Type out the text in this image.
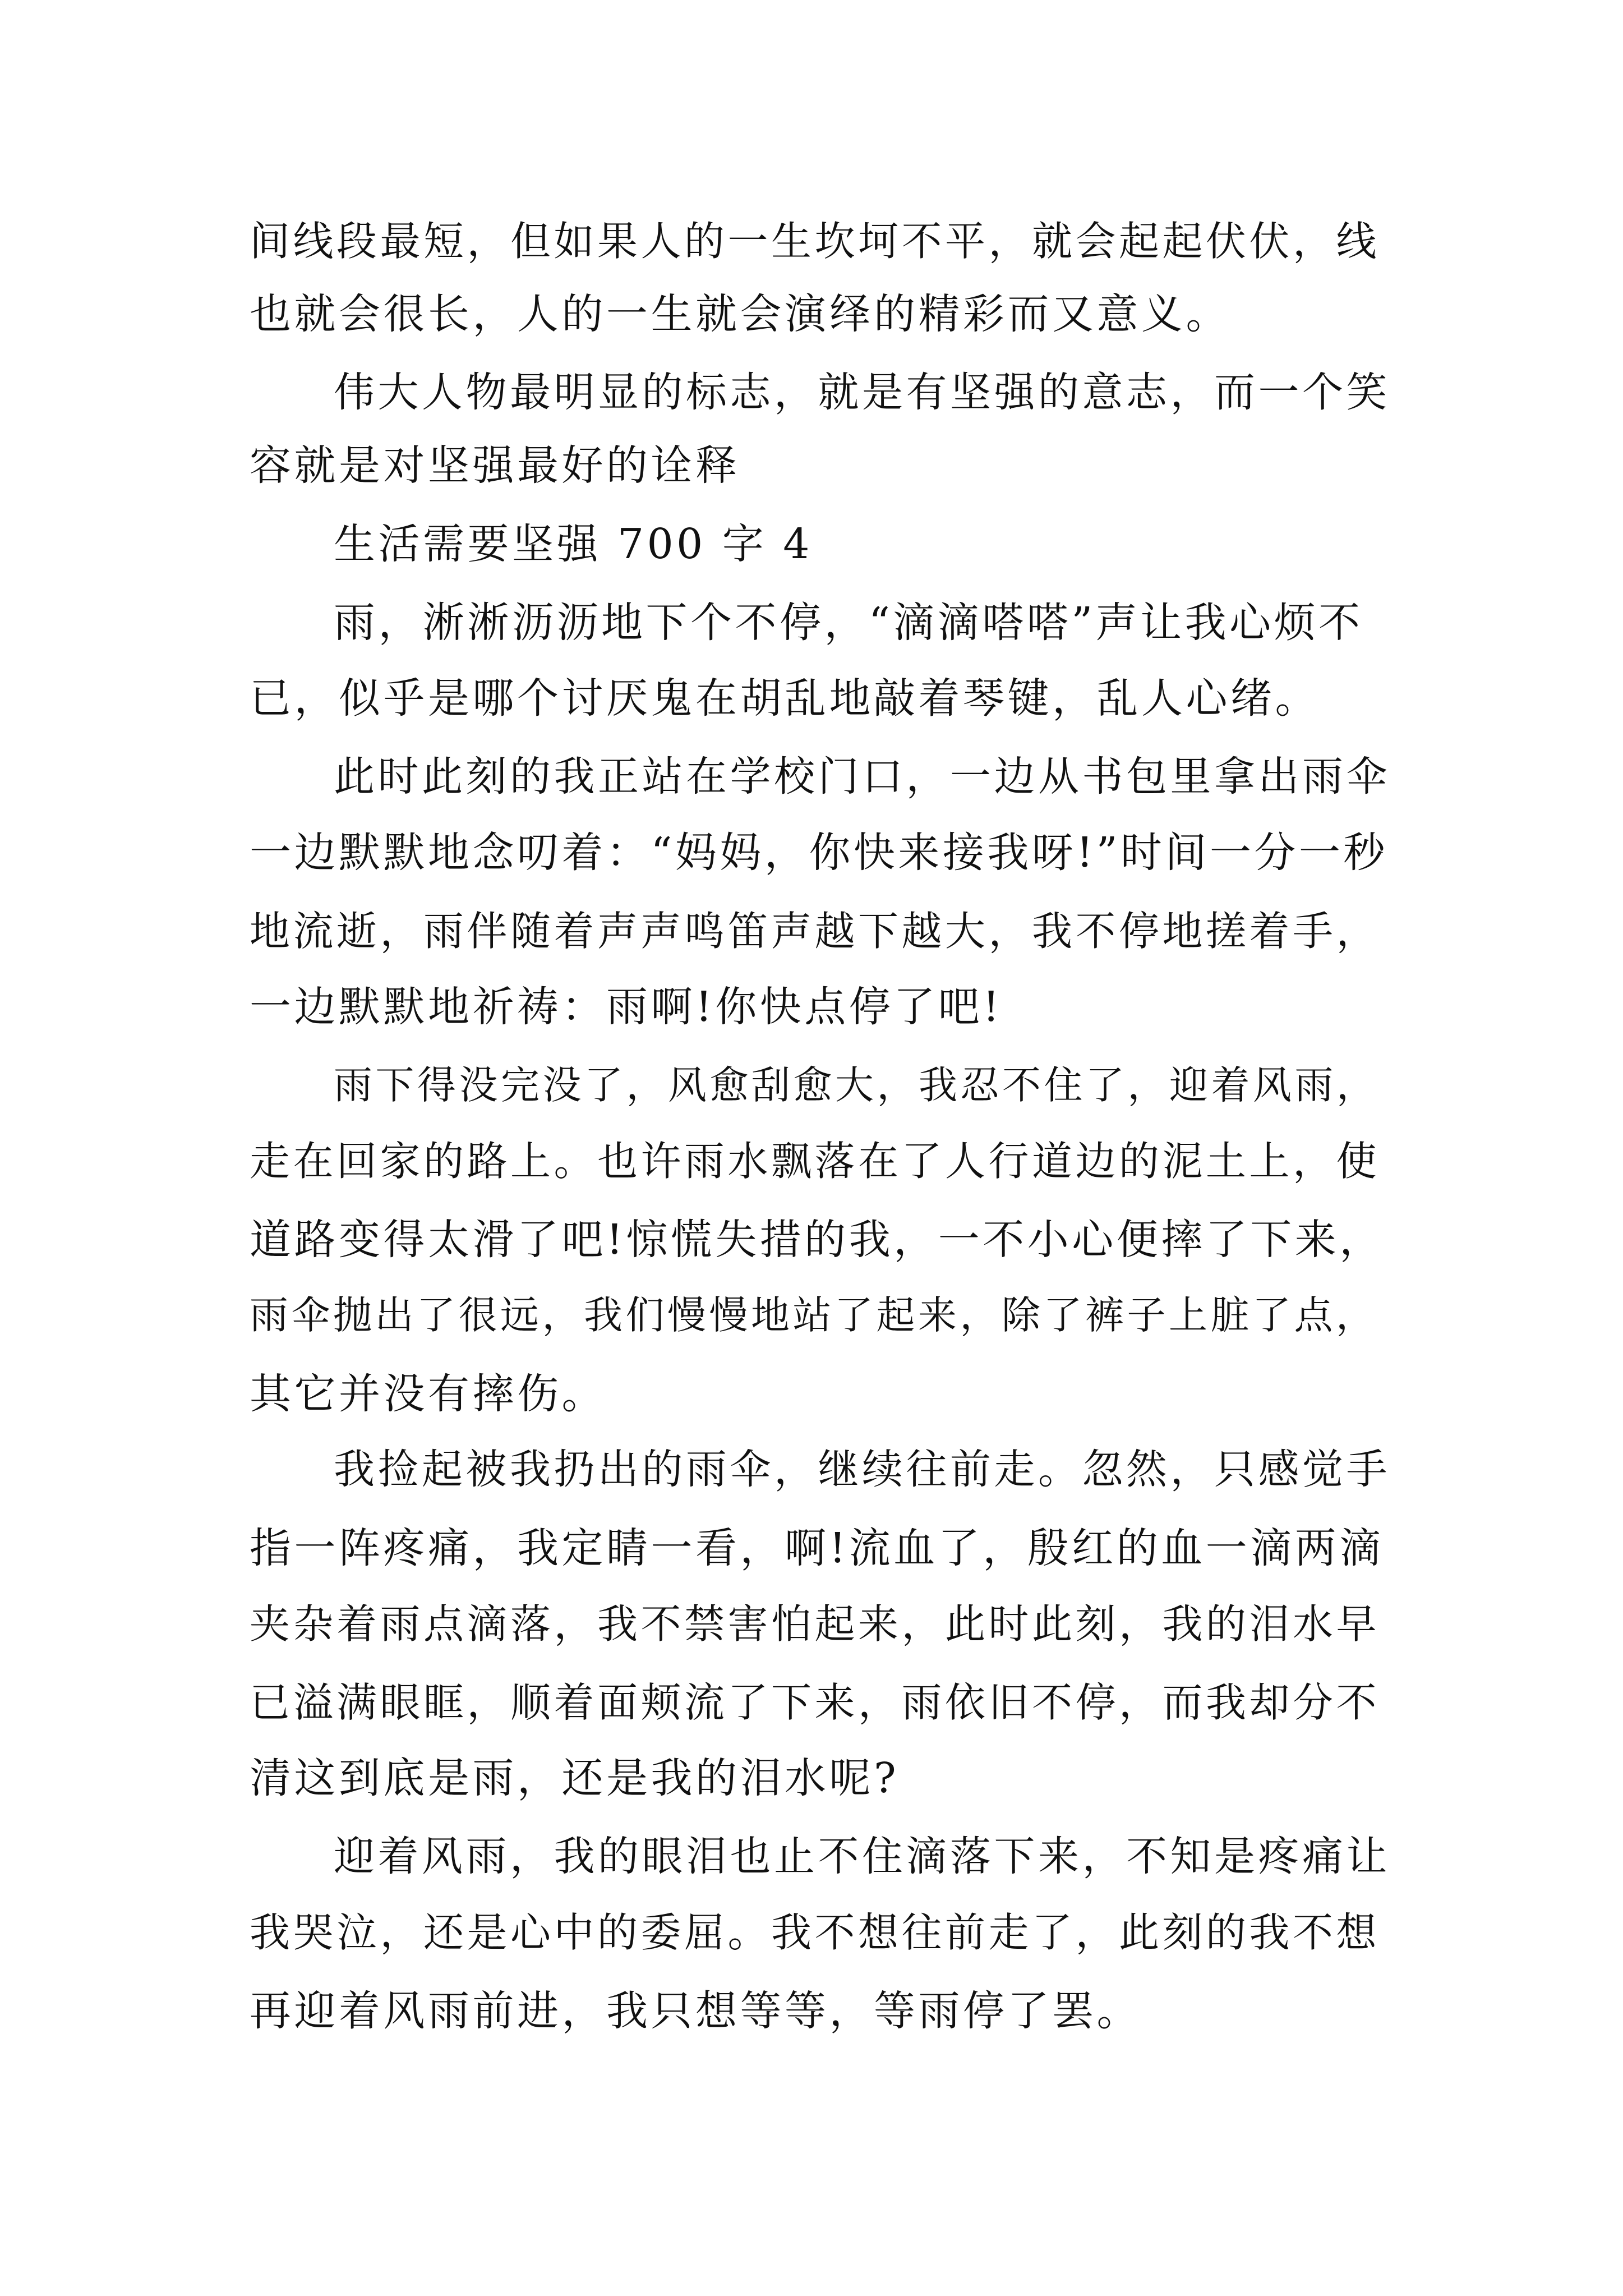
间线段最短，但如果人的一生坎坷不平，就会起起伏伏，线
也就会很长，人的一生就会演绎的精彩而又意义。
伟大人物最明显的标志，就是有坚强的意志，而一个笑
容就是对坚强最好的诠释
生活需要坚强 700 字 4
雨，淅淅沥沥地下个不停，“滴滴嗒嗒”声让我心烦不
已，似乎是哪个讨厌鬼在胡乱地敲着琴键，乱人心绪。
此时此刻的我正站在学校门口，一边从书包里拿出雨伞
一边默默地念叨着：“妈妈，你快来接我呀!”时间一分一秒
地流逝，雨伴随着声声鸣笛声越下越大，我不停地搓着手，
一边默默地祈祷：雨啊!你快点停了吧!
雨下得没完没了，风愈刮愈大，我忍不住了，迎着风雨，
走在回家的路上。也许雨水飘落在了人行道边的泥土上，使
道路变得太滑了吧!惊慌失措的我，一不小心便摔了下来，
雨伞抛出了很远，我们慢慢地站了起来，除了裤子上脏了点，
其它并没有摔伤。
我捡起被我扔出的雨伞，继续往前走。忽然，只感觉手
指一阵疼痛，我定睛一看，啊!流血了，殷红的血一滴两滴
夹杂着雨点滴落，我不禁害怕起来，此时此刻，我的泪水早
已溢满眼眶，顺着面颊流了下来，雨依旧不停，而我却分不
清这到底是雨，还是我的泪水呢?
迎着风雨，我的眼泪也止不住滴落下来，不知是疼痛让
我哭泣，还是心中的委屈。我不想往前走了，此刻的我不想
再迎着风雨前进，我只想等等，等雨停了罢。
